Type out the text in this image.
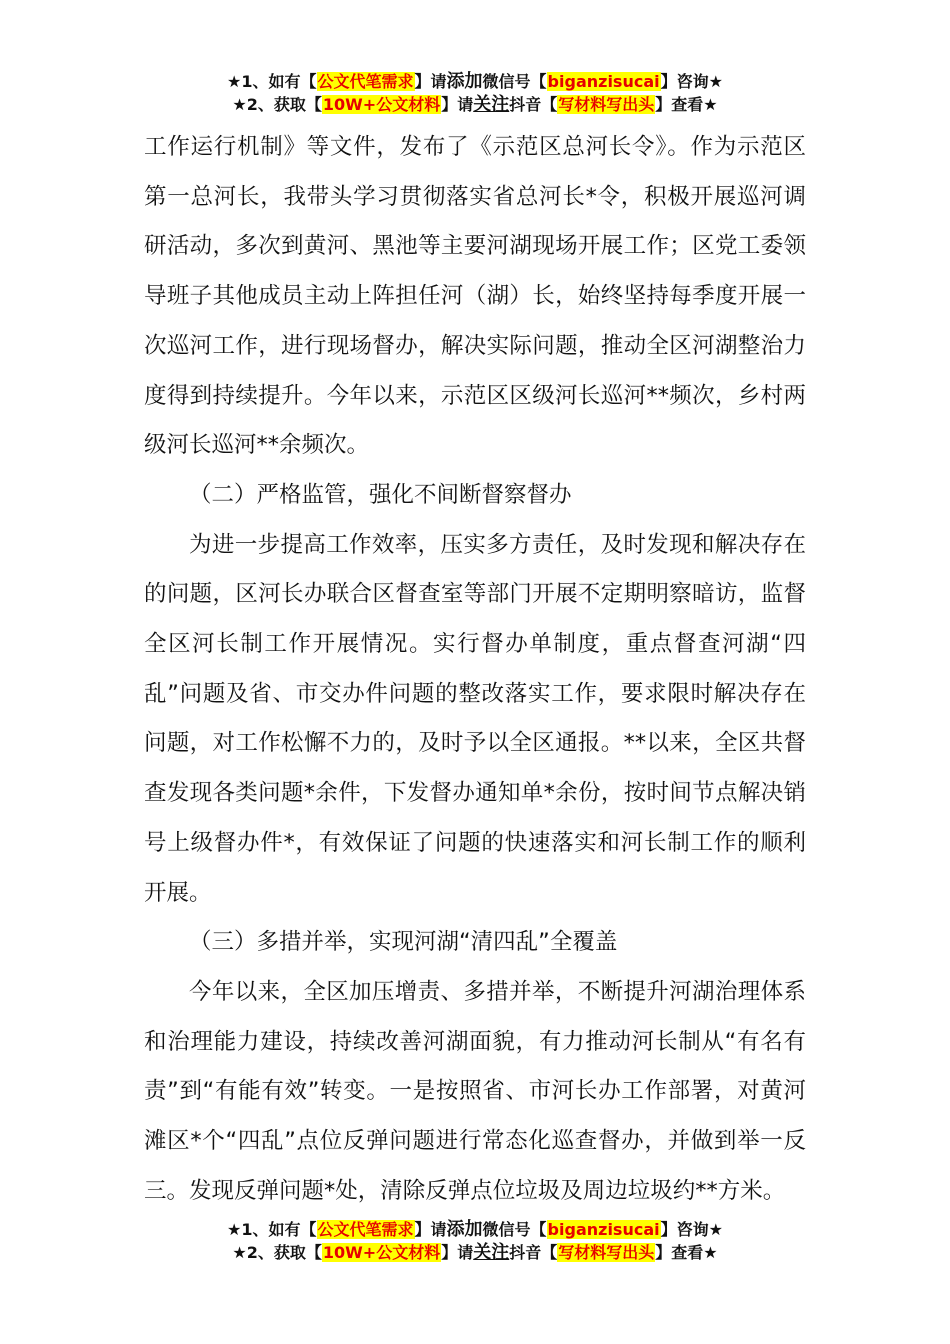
★1、如有【公文代笔需求】请添加微信号【biganzisucai】咨询★
★2、获取【10W+公文材料】请关注抖音【写材料写出头】查看★

工作运行机制》等文件，发布了《示范区总河长令》。作为示范区第一总河长，我带头学习贯彻落实省总河长*令，积极开展巡河调研活动，多次到黄河、黑池等主要河湖现场开展工作；区党工委领导班子其他成员主动上阵担任河（湖）长，始终坚持每季度开展一次巡河工作，进行现场督办，解决实际问题，推动全区河湖整治力度得到持续提升。今年以来，示范区区级河长巡河**频次，乡村两级河长巡河**余频次。

（二）严格监管，强化不间断督察督办

为进一步提高工作效率，压实多方责任，及时发现和解决存在的问题，区河长办联合区督查室等部门开展不定期明察暗访，监督全区河长制工作开展情况。实行督办单制度，重点督查河湖“四乱”问题及省、市交办件问题的整改落实工作，要求限时解决存在问题，对工作松懈不力的，及时予以全区通报。**以来，全区共督查发现各类问题*余件，下发督办通知单*余份，按时间节点解决销号上级督办件*，有效保证了问题的快速落实和河长制工作的顺利开展。

（三）多措并举，实现河湖“清四乱”全覆盖

今年以来，全区加压增责、多措并举，不断提升河湖治理体系和治理能力建设，持续改善河湖面貌，有力推动河长制从“有名有责”到“有能有效”转变。一是按照省、市河长办工作部署，对黄河滩区*个“四乱”点位反弹问题进行常态化巡查督办，并做到举一反三。发现反弹问题*处，清除反弹点位垃圾及周边垃圾约**方米。

★1、如有【公文代笔需求】请添加微信号【biganzisucai】咨询★
★2、获取【10W+公文材料】请关注抖音【写材料写出头】查看★
